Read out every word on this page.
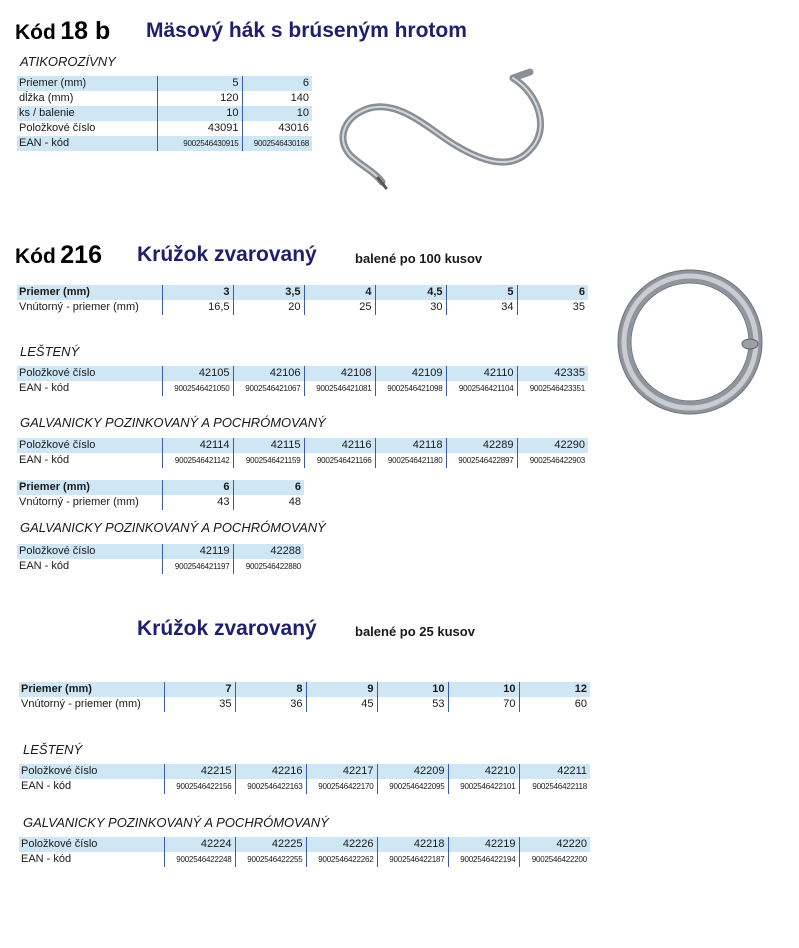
Kód 18 b Mäsový hák s brúseným hrotom
ATIKOROZÍVNY
Priemer (mm)	5	6
dĺžka (mm)	120	140
ks / balenie	10	10
Položkové číslo	43091	43016
EAN - kód	9002546430915	9002546430168
Kód 216 Krúžok zvarovaný	balené po 100 kusov
Priemer (mm)	3	3,5	4	4,5	5	6
Vnútorný - priemer (mm)	16,5	20	25	30	34	35
LEŠTENÝ
Položkové číslo	42105	42106	42108	42109	42110	42335
EAN - kód	9002546421050	9002546421067	9002546421081	9002546421098	9002546421104	9002546423351
GALVANICKY POZINKOVANÝ A POCHRÓMOVANÝ
Položkové číslo	42114	42115	42116	42118	42289	42290
EAN - kód	9002546421142	9002546421159	9002546421166	9002546421180	9002546422897	9002546422903
Priemer (mm)	6	6
Vnútorný - priemer (mm)	43	48
GALVANICKY POZINKOVANÝ A POCHRÓMOVANÝ
Položkové číslo	42119	42288
EAN - kód	9002546421197	9002546422880
Krúžok zvarovaný	balené po 25 kusov
Priemer (mm)	7	8	9	10	10	12
Vnútorný - priemer (mm)	35	36	45	53	70	60
LEŠTENÝ
Položkové číslo	42215	42216	42217	42209	42210	42211
EAN - kód	9002546422156	9002546422163	9002546422170	9002546422095	9002546422101	9002546422118
GALVANICKY POZINKOVANÝ A POCHRÓMOVANÝ
Položkové číslo	42224	42225	42226	42218	42219	42220
EAN - kód	9002546422248	9002546422255	9002546422262	9002546422187	9002546422194	9002546422200
